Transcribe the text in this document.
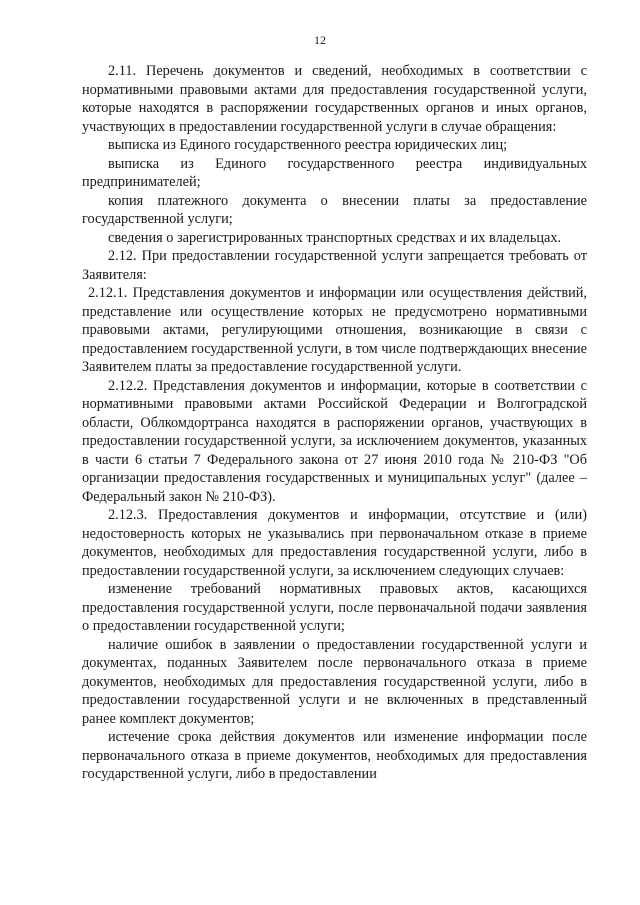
12

2.11. Перечень документов и сведений, необходимых в соответствии с нормативными правовыми актами для предоставления государственной услуги, которые находятся в распоряжении государственных органов и иных органов, участвующих в предоставлении государственной услуги в случае обращения:

выписка из Единого государственного реестра юридических лиц;

выписка из Единого государственного реестра индивидуальных предпринимателей;

копия платежного документа о внесении платы за предоставление государственной услуги;

сведения о зарегистрированных транспортных средствах и их владельцах.

2.12. При предоставлении государственной услуги запрещается требовать от Заявителя:

2.12.1. Представления документов и информации или осуществления действий, представление или осуществление которых не предусмотрено нормативными правовыми актами, регулирующими отношения, возникающие в связи с предоставлением государственной услуги, в том числе подтверждающих внесение Заявителем платы за предоставление государственной услуги.

2.12.2. Представления документов и информации, которые в соответствии с нормативными правовыми актами Российской Федерации и Волгоградской области, Облкомдортранса находятся в распоряжении органов, участвующих в предоставлении государственной услуги, за исключением документов, указанных в части 6 статьи 7 Федерального закона от 27 июня 2010 года № 210-ФЗ "Об организации предоставления государственных и муниципальных услуг" (далее – Федеральный закон № 210-ФЗ).

2.12.3. Предоставления документов и информации, отсутствие и (или) недостоверность которых не указывались при первоначальном отказе в приеме документов, необходимых для предоставления государственной услуги, либо в предоставлении государственной услуги, за исключением следующих случаев:

изменение требований нормативных правовых актов, касающихся предоставления государственной услуги, после первоначальной подачи заявления о предоставлении государственной услуги;

наличие ошибок в заявлении о предоставлении государственной услуги и документах, поданных Заявителем после первоначального отказа в приеме документов, необходимых для предоставления государственной услуги, либо в предоставлении государственной услуги и не включенных в представленный ранее комплект документов;

истечение срока действия документов или изменение информации после первоначального отказа в приеме документов, необходимых для предоставления государственной услуги, либо в предоставлении
